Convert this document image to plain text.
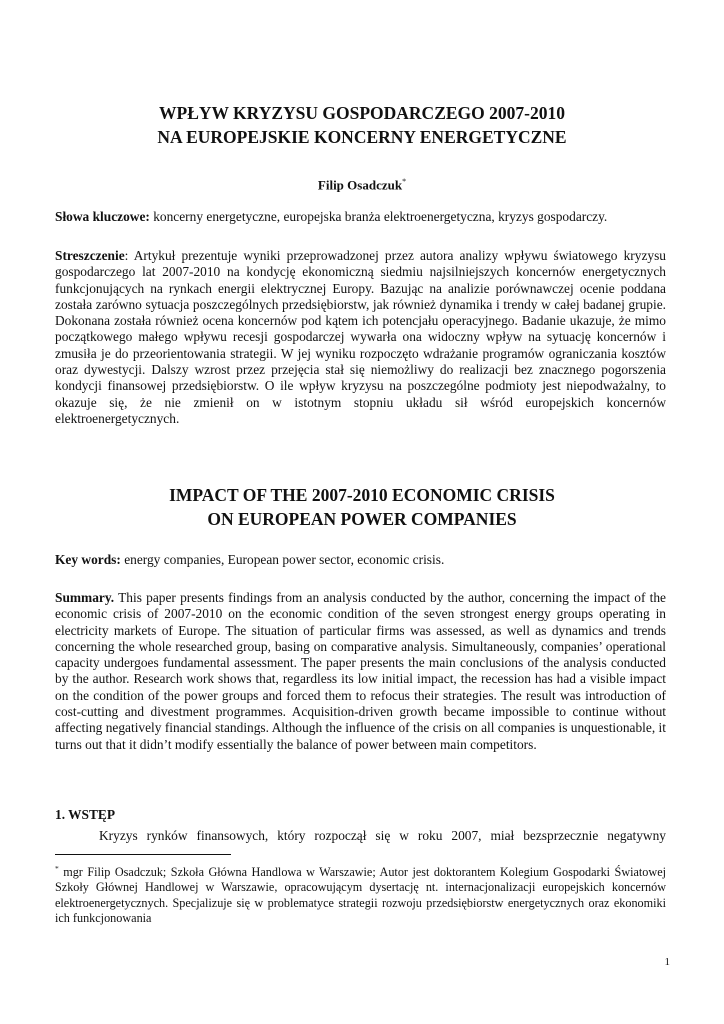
WPŁYW KRYZYSU GOSPODARCZEGO 2007-2010
NA EUROPEJSKIE KONCERNY ENERGETYCZNE

Filip Osadczuk*

Słowa kluczowe: koncerny energetyczne, europejska branża elektroenergetyczna, kryzys gospodarczy.

Streszczenie: Artykuł prezentuje wyniki przeprowadzonej przez autora analizy wpływu światowego kryzysu gospodarczego lat 2007-2010 na kondycję ekonomiczną siedmiu najsilniejszych koncernów energetycznych funkcjonujących na rynkach energii elektrycznej Europy. Bazując na analizie porównawczej ocenie poddana została zarówno sytuacja poszczególnych przedsiębiorstw, jak również dynamika i trendy w całej badanej grupie. Dokonana została również ocena koncernów pod kątem ich potencjału operacyjnego. Badanie ukazuje, że mimo początkowego małego wpływu recesji gospodarczej wywarła ona widoczny wpływ na sytuację koncernów i zmusiła je do przeorientowania strategii. W jej wyniku rozpoczęto wdrażanie programów ograniczania kosztów oraz dywestycji. Dalszy wzrost przez przejęcia stał się niemożliwy do realizacji bez znacznego pogorszenia kondycji finansowej przedsiębiorstw. O ile wpływ kryzysu na poszczególne podmioty jest niepodważalny, to okazuje się, że nie zmienił on w istotnym stopniu układu sił wśród europejskich koncernów elektroenergetycznych.

IMPACT OF THE 2007-2010 ECONOMIC CRISIS
ON EUROPEAN POWER COMPANIES

Key words: energy companies, European power sector, economic crisis.

Summary. This paper presents findings from an analysis conducted by the author, concerning the impact of the economic crisis of 2007-2010 on the economic condition of the seven strongest energy groups operating in electricity markets of Europe. The situation of particular firms was assessed, as well as dynamics and trends concerning the whole researched group, basing on comparative analysis. Simultaneously, companies’ operational capacity undergoes fundamental assessment. The paper presents the main conclusions of the analysis conducted by the author. Research work shows that, regardless its low initial impact, the recession has had a visible impact on the condition of the power groups and forced them to refocus their strategies. The result was introduction of cost-cutting and divestment programmes. Acquisition-driven growth became impossible to continue without affecting negatively financial standings. Although the influence of the crisis on all companies is unquestionable, it turns out that it didn’t modify essentially the balance of power between main competitors.

1. WSTĘP

Kryzys rynków finansowych, który rozpoczął się w roku 2007, miał bezsprzecznie negatywny

* mgr Filip Osadczuk; Szkoła Główna Handlowa w Warszawie; Autor jest doktorantem Kolegium Gospodarki Światowej Szkoły Głównej Handlowej w Warszawie, opracowującym dysertację nt. internacjonalizacji europejskich koncernów elektroenergetycznych. Specjalizuje się w problematyce strategii rozwoju przedsiębiorstw energetycznych oraz ekonomiki ich funkcjonowania

1
